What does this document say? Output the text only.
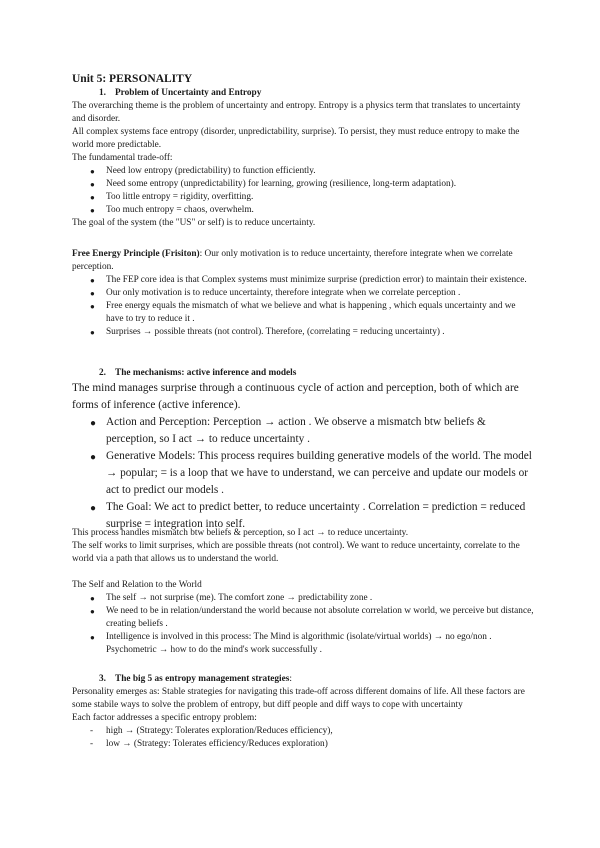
Unit 5: PERSONALITY
1. Problem of Uncertainty and Entropy
The overarching theme is the problem of uncertainty and entropy. Entropy is a physics term that translates to uncertainty and disorder.
All complex systems face entropy (disorder, unpredictability, surprise). To persist, they must reduce entropy to make the world more predictable.
The fundamental trade-off:
● Need low entropy (predictability) to function efficiently.
● Need some entropy (unpredictability) for learning, growing (resilience, long-term adaptation).
● Too little entropy = rigidity, overfitting.
● Too much entropy = chaos, overwhelm.
The goal of the system (the "US" or self) is to reduce uncertainty.
Free Energy Principle (Frisiton): Our only motivation is to reduce uncertainty, therefore integrate when we correlate perception.
● The FEP core idea is that Complex systems must minimize surprise (prediction error) to maintain their existence.
● Our only motivation is to reduce uncertainty, therefore integrate when we correlate perception .
● Free energy equals the mismatch of what we believe and what is happening , which equals uncertainty and we have to try to reduce it .
● Surprises → possible threats (not control). Therefore, (correlating = reducing uncertainty) .
2. The mechanisms: active inference and models
The mind manages surprise through a continuous cycle of action and perception, both of which are forms of inference (active inference).
● Action and Perception: Perception → action . We observe a mismatch btw beliefs & perception, so I act → to reduce uncertainty .
● Generative Models: This process requires building generative models of the world. The model → popular; = is a loop that we have to understand, we can perceive and update our models or act to predict our models .
● The Goal: We act to predict better, to reduce uncertainty . Correlation = prediction = reduced surprise = integration into self.
This process handles mismatch btw beliefs & perception, so I act → to reduce uncertainty.
The self works to limit surprises, which are possible threats (not control). We want to reduce uncertainty, correlate to the world via a path that allows us to understand the world.
The Self and Relation to the World
● The self → not surprise (me). The comfort zone → predictability zone .
● We need to be in relation/understand the world because not absolute correlation w world, we perceive but distance, creating beliefs .
● Intelligence is involved in this process: The Mind is algorithmic (isolate/virtual worlds) → no ego/non . Psychometric → how to do the mind's work successfully .
3. The big 5 as entropy management strategies:
Personality emerges as: Stable strategies for navigating this trade-off across different domains of life. All these factors are some stabile ways to solve the problem of entropy, but diff people and diff ways to cope with uncertainty
Each factor addresses a specific entropy problem:
- high → (Strategy: Tolerates exploration/Reduces efficiency),
- low → (Strategy: Tolerates efficiency/Reduces exploration)
